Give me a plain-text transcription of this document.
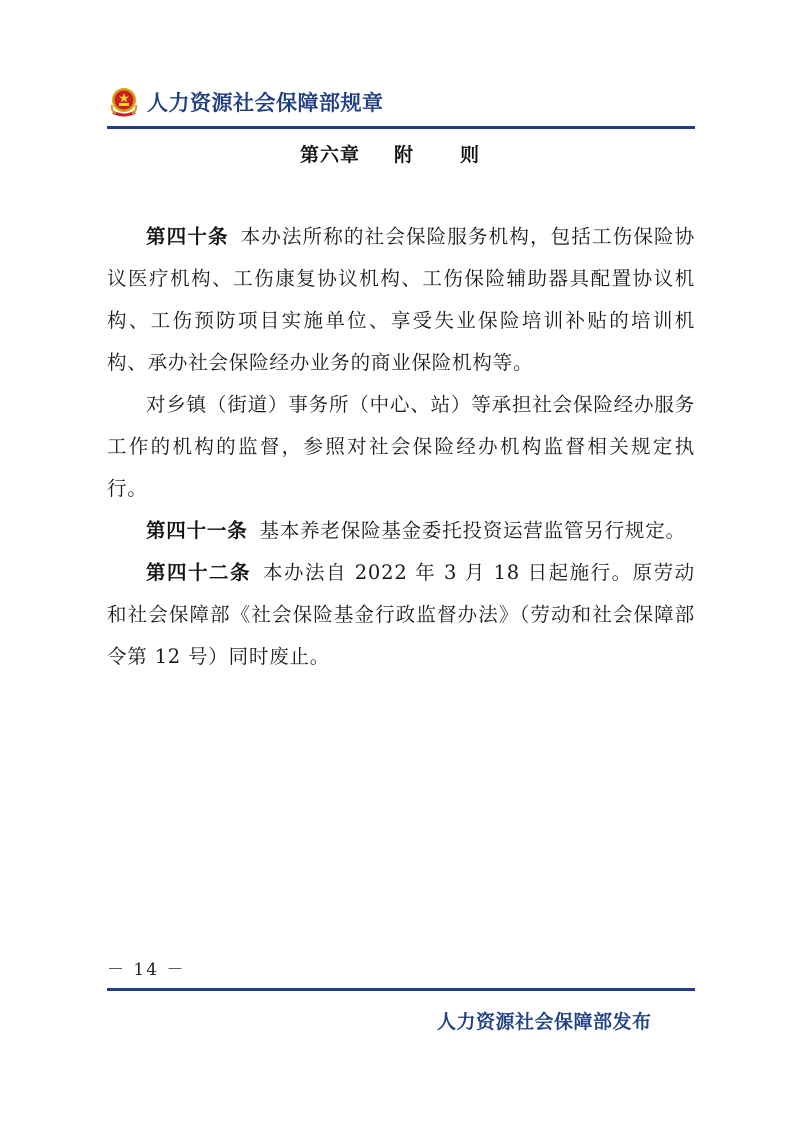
人力资源社会保障部规章
第六章 附　则

第四十条 本办法所称的社会保险服务机构，包括工伤保险协议医疗机构、工伤康复协议机构、工伤保险辅助器具配置协议机构、工伤预防项目实施单位、享受失业保险培训补贴的培训机构、承办社会保险经办业务的商业保险机构等。

对乡镇（街道）事务所（中心、站）等承担社会保险经办服务工作的机构的监督，参照对社会保险经办机构监督相关规定执行。

第四十一条 基本养老保险基金委托投资运营监管另行规定。

第四十二条 本办法自 2022 年 3 月 18 日起施行。原劳动和社会保障部《社会保险基金行政监督办法》（劳动和社会保障部令第 12 号）同时废止。

－ 14 －
人力资源社会保障部发布
